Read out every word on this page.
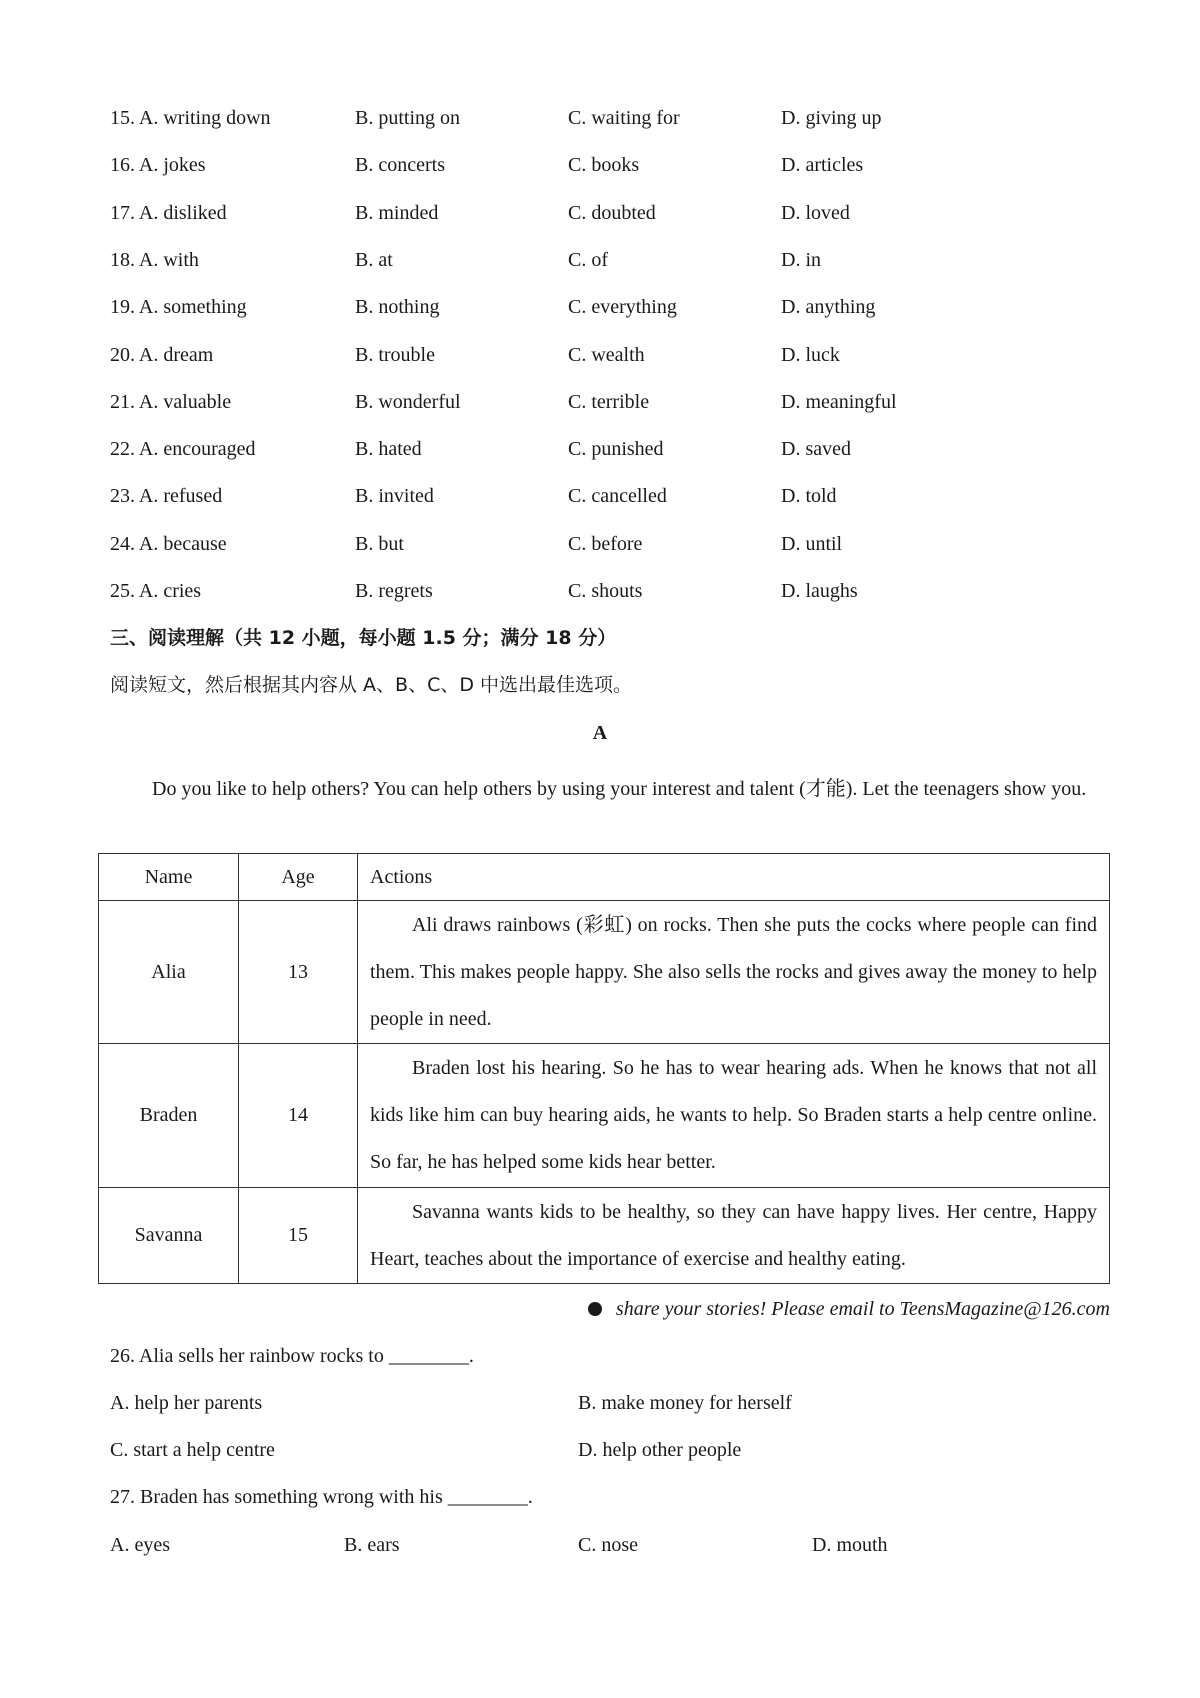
15. A. writing down	B. putting on	C. waiting for	D. giving up
16. A. jokes	B. concerts	C. books	D. articles
17. A. disliked	B. minded	C. doubted	D. loved
18. A. with	B. at	C. of	D. in
19. A. something	B. nothing	C. everything	D. anything
20. A. dream	B. trouble	C. wealth	D. luck
21. A. valuable	B. wonderful	C. terrible	D. meaningful
22. A. encouraged	B. hated	C. punished	D. saved
23. A. refused	B. invited	C. cancelled	D. told
24. A. because	B. but	C. before	D. until
25. A. cries	B. regrets	C. shouts	D. laughs
三、阅读理解（共 12 小题，每小题 1.5 分；满分 18 分）
阅读短文，然后根据其内容从 A、B、C、D 中选出最佳选项。
A
Do you like to help others? You can help others by using your interest and talent (才能). Let the teenagers show you.
Name	Age	Actions
Alia	13	Ali draws rainbows (彩虹) on rocks. Then she puts the cocks where people can find them. This makes people happy. She also sells the rocks and gives away the money to help people in need.

Braden	14	Braden lost his hearing. So he has to wear hearing ads. When he knows that not all kids like him can buy hearing aids, he wants to help. So Braden starts a help centre online. So far, he has helped some kids hear better.

Savanna	15	Savanna wants kids to be healthy, so they can have happy lives. Her centre, Happy Heart, teaches about the importance of exercise and healthy eating.
share your stories! Please email to TeensMagazine@126.com
26. Alia sells her rainbow rocks to ________.
A. help her parents	B. make money for herself
C. start a help centre	D. help other people
27. Braden has something wrong with his ________.
A. eyes	B. ears	C. nose	D. mouth
